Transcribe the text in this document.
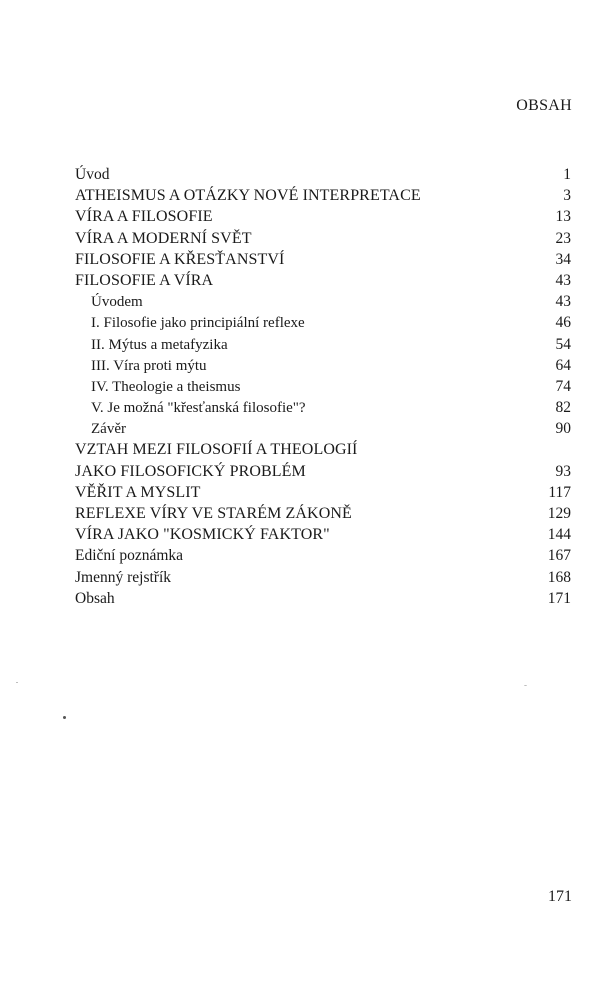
OBSAH
Úvod	1
ATHEISMUS A OTÁZKY NOVÉ INTERPRETACE	3
VÍRA A FILOSOFIE	13
VÍRA A MODERNÍ SVĚT	23
FILOSOFIE A KŘESŤANSTVÍ	34
FILOSOFIE A VÍRA	43
Úvodem	43
I. Filosofie jako principiální reflexe	46
II. Mýtus a metafyzika	54
III. Víra proti mýtu	64
IV. Theologie a theismus	74
V. Je možná "křesťanská filosofie"?	82
Závěr	90
VZTAH MEZI FILOSOFIÍ A THEOLOGIÍ
JAKO FILOSOFICKÝ PROBLÉM	93
VĚŘIT A MYSLIT	117
REFLEXE VÍRY VE STARÉM ZÁKONĚ	129
VÍRA JAKO "KOSMICKÝ FAKTOR"	144
Ediční poznámka	167
Jmenný rejstřík	168
Obsah	171
171
